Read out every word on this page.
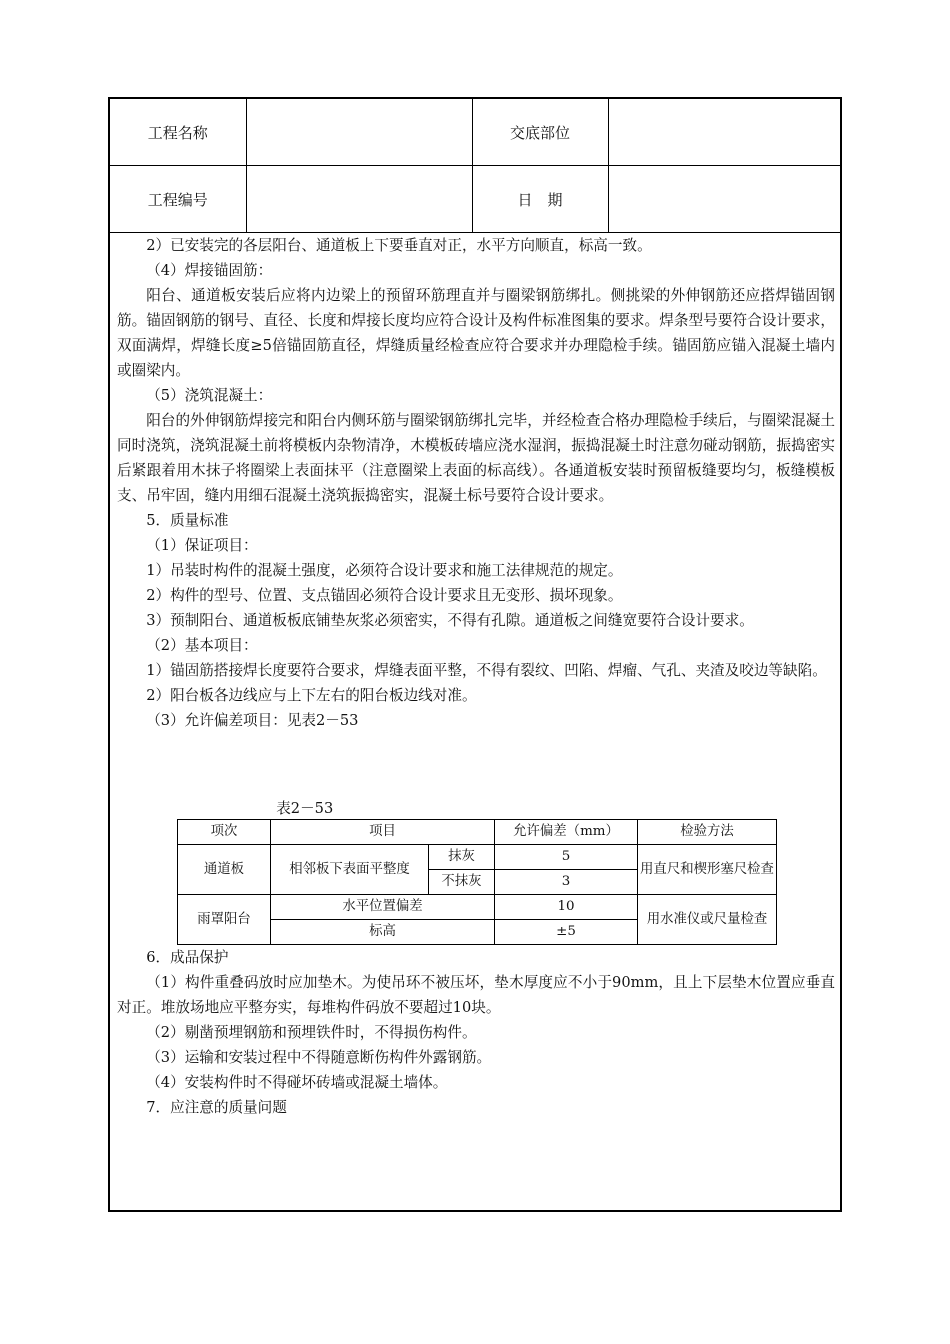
工程名称		交底部位	
工程编号		日　期	

2）已安装完的各层阳台、通道板上下要垂直对正，水平方向顺直，标高一致。

（4）焊接锚固筋：

阳台、通道板安装后应将内边梁上的预留环筋理直并与圈梁钢筋绑扎。侧挑梁的外伸钢筋还应搭焊锚固钢筋。锚固钢筋的钢号、直径、长度和焊接长度均应符合设计及构件标准图集的要求。焊条型号要符合设计要求，双面满焊，焊缝长度≥5倍锚固筋直径，焊缝质量经检查应符合要求并办理隐检手续。锚固筋应锚入混凝土墙内或圈梁内。

（5）浇筑混凝土：

阳台的外伸钢筋焊接完和阳台内侧环筋与圈梁钢筋绑扎完毕，并经检查合格办理隐检手续后，与圈梁混凝土同时浇筑，浇筑混凝土前将模板内杂物清净，木模板砖墙应浇水湿润，振捣混凝土时注意勿碰动钢筋，振捣密实后紧跟着用木抹子将圈梁上表面抹平（注意圈梁上表面的标高线）。各通道板安装时预留板缝要均匀，板缝模板支、吊牢固，缝内用细石混凝土浇筑振捣密实，混凝土标号要符合设计要求。

5．质量标准

（1）保证项目：

1）吊装时构件的混凝土强度，必须符合设计要求和施工法律规范的规定。

2）构件的型号、位置、支点锚固必须符合设计要求且无变形、损坏现象。

3）预制阳台、通道板板底铺垫灰浆必须密实，不得有孔隙。通道板之间缝宽要符合设计要求。

（2）基本项目：

1）锚固筋搭接焊长度要符合要求，焊缝表面平整，不得有裂纹、凹陷、焊瘤、气孔、夹渣及咬边等缺陷。

2）阳台板各边线应与上下左右的阳台板边线对准。

（3）允许偏差项目：见表2－53

表2－53

项次	项目		允许偏差（mm）	检验方法
通道板	相邻板下表面平整度	抹灰	5	用直尺和楔形塞尺检查
		不抹灰	3	
雨罩阳台	水平位置偏差		10	用水准仪或尺量检查
	标高		±5	

6．成品保护

（1）构件重叠码放时应加垫木。为使吊环不被压坏，垫木厚度应不小于90mm，且上下层垫木位置应垂直对正。堆放场地应平整夯实，每堆构件码放不要超过10块。

（2）剔凿预埋钢筋和预埋铁件时，不得损伤构件。

（3）运输和安装过程中不得随意断伤构件外露钢筋。

（4）安装构件时不得碰坏砖墙或混凝土墙体。

7．应注意的质量问题
